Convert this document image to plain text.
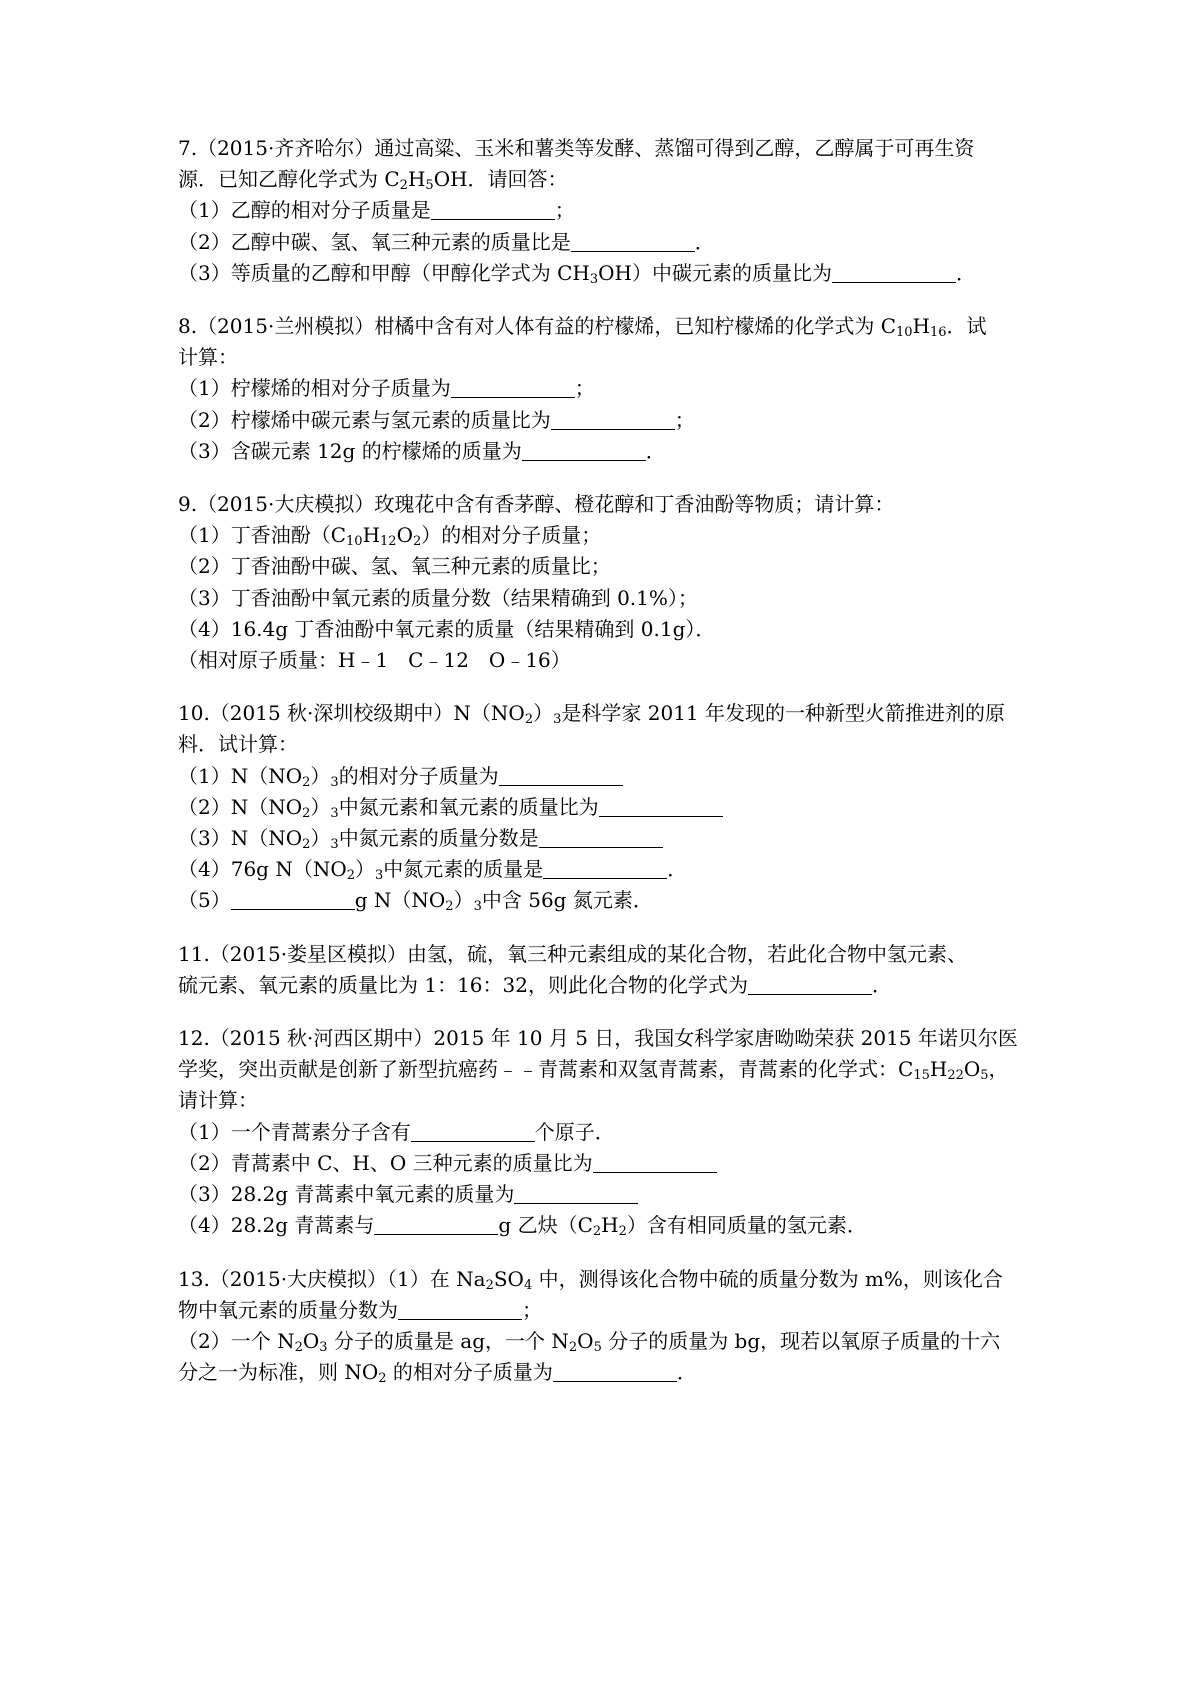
7.（2015·齐齐哈尔）通过高粱、玉米和薯类等发酵、蒸馏可得到乙醇，乙醇属于可再生资
源．已知乙醇化学式为 $C_2H_5OH$．请回答：
（1）乙醇的相对分子质量是	；
（2）乙醇中碳、氢、氧三种元素的质量比是	．
（3）等质量的乙醇和甲醇（甲醇化学式为 $CH_3OH$）中碳元素的质量比为	．
8.（2015·兰州模拟）柑橘中含有对人体有益的柠檬烯，已知柠檬烯的化学式为 $C_{10}H_{16}$．试
计算：
（1）柠檬烯的相对分子质量为	；
（2）柠檬烯中碳元素与氢元素的质量比为	；
（3）含碳元素 12g 的柠檬烯的质量为	．
9.（2015·大庆模拟）玫瑰花中含有香茅醇、橙花醇和丁香油酚等物质；请计算：
（1）丁香油酚$(C_{10}H_{12}O_2)$的相对分子质量；
（2）丁香油酚中碳、氢、氧三种元素的质量比；
（3）丁香油酚中氧元素的质量分数（结果精确到 0.1%）；
（4）16.4g 丁香油酚中氧元素的质量（结果精确到 0.1g）．
（相对原子质量：H﹣1　C﹣12　O﹣16）
10.（2015 秋·深圳校级期中）$N(NO_2)_3$是科学家 2011 年发现的一种新型火箭推进剂的原
料．试计算：
$(1)N(NO_2)_3$的相对分子质量为
$(2)N(NO_2)_3$中氮元素和氧元素的质量比为
$(3)N(NO_2)_3$中氮元素的质量分数是
（4）76g $N(NO_2)_3$中氮元素的质量是	．
（5）	g $N(NO_2)_3$中含 56g 氮元素．
11.（2015·娄星区模拟）由氢，硫，氧三种元素组成的某化合物，若此化合物中氢元素、
硫元素、氧元素的质量比为 1：16：32，则此化合物的化学式为	．
12.（2015 秋·河西区期中）2015 年 10 月 5 日，我国女科学家唐呦呦荣获 2015 年诺贝尔医
学奖，突出贡献是创新了新型抗癌药﹣﹣青蒿素和双氢青蒿素，青蒿素的化学式：$C_{15}H_{22}O_5$，
请计算：
（1）一个青蒿素分子含有	个原子．
（2）青蒿素中 C、H、O 三种元素的质量比为
（3）28.2g 青蒿素中氧元素的质量为
（4）28.2g 青蒿素与	g 乙炔$(C_2H_2)$含有相同质量的氢元素．
13.（2015·大庆模拟）（1）在 $Na_2SO_4$ 中，测得该化合物中硫的质量分数为 m%，则该化合
物中氧元素的质量分数为	；
（2）一个 $N_2O_3$ 分子的质量是 ag，一个 $N_2O_5$ 分子的质量为 bg，现若以氧原子质量的十六
分之一为标准，则 $NO_2$ 的相对分子质量为	．
